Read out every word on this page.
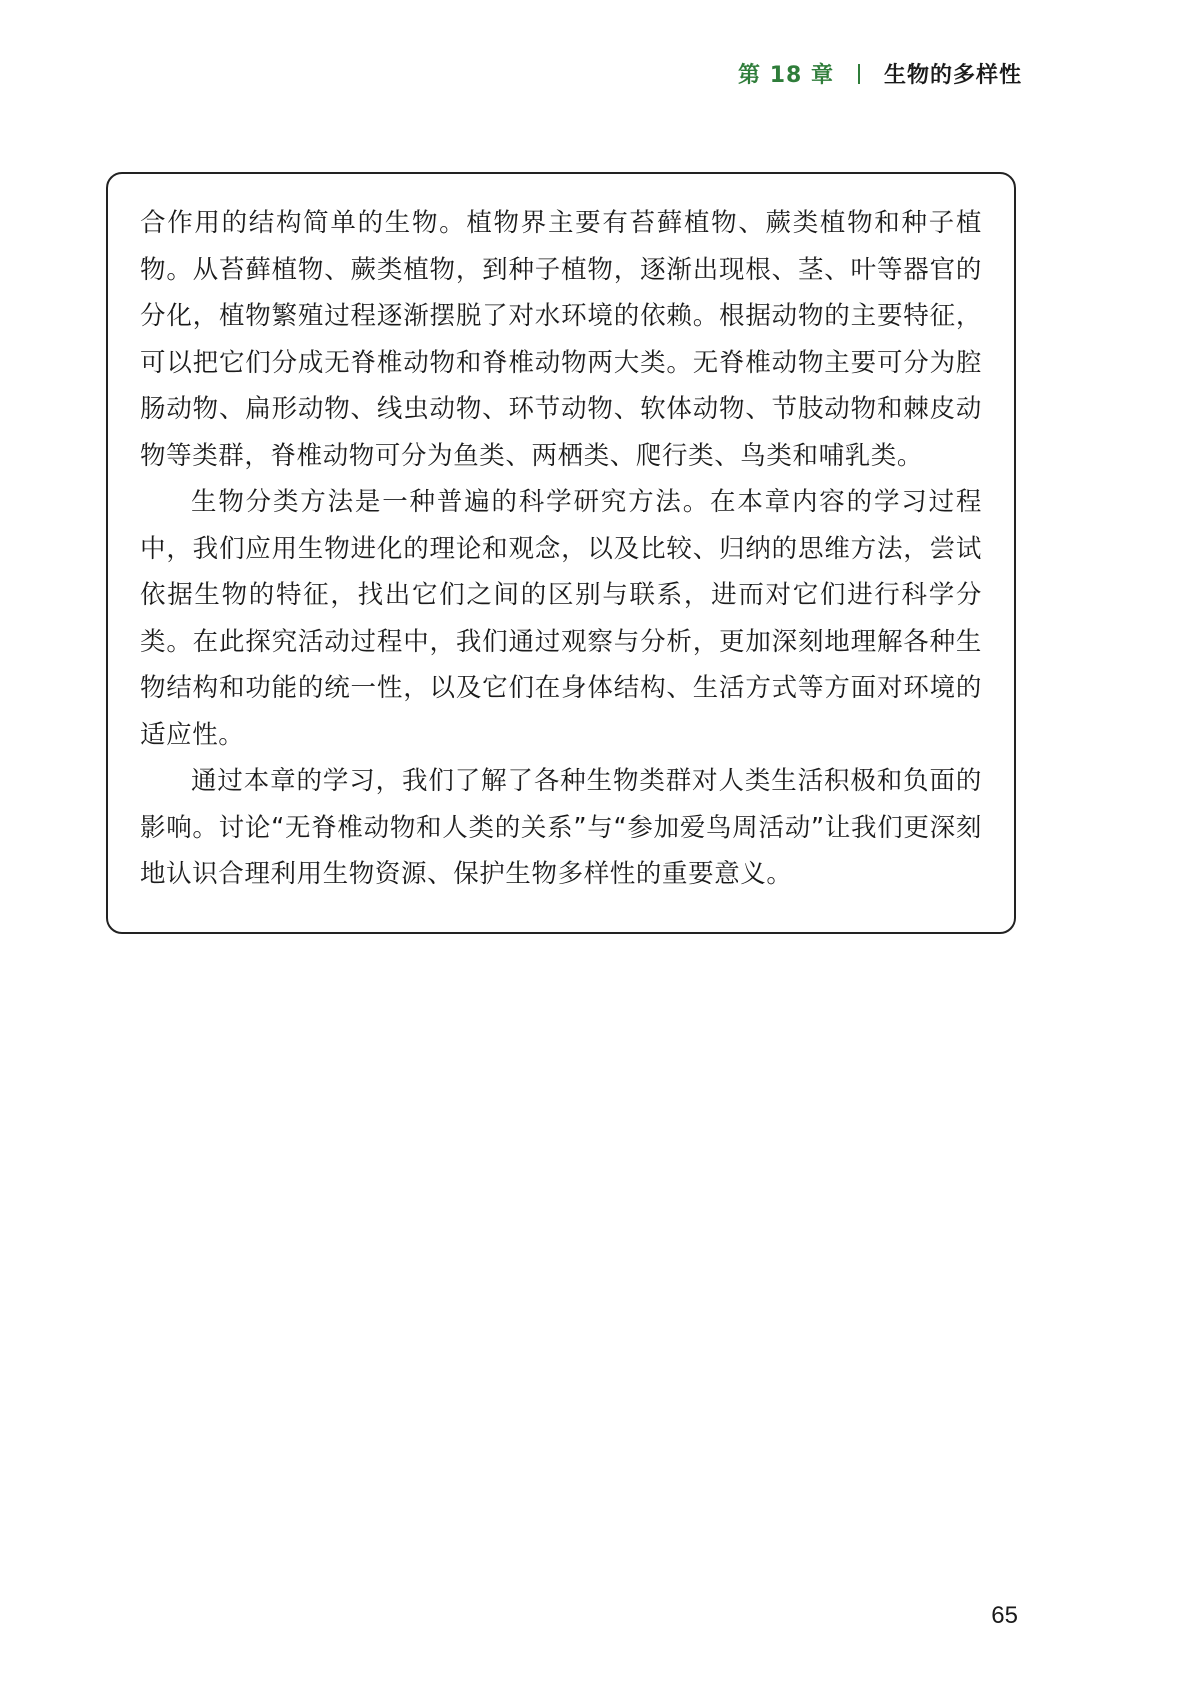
第 18 章 生物的多样性

合作用的结构简单的生物。植物界主要有苔藓植物、蕨类植物和种子植物。从苔藓植物、蕨类植物，到种子植物，逐渐出现根、茎、叶等器官的分化，植物繁殖过程逐渐摆脱了对水环境的依赖。根据动物的主要特征，可以把它们分成无脊椎动物和脊椎动物两大类。无脊椎动物主要可分为腔肠动物、扁形动物、线虫动物、环节动物、软体动物、节肢动物和棘皮动物等类群，脊椎动物可分为鱼类、两栖类、爬行类、鸟类和哺乳类。

生物分类方法是一种普遍的科学研究方法。在本章内容的学习过程中，我们应用生物进化的理论和观念，以及比较、归纳的思维方法，尝试依据生物的特征，找出它们之间的区别与联系，进而对它们进行科学分类。在此探究活动过程中，我们通过观察与分析，更加深刻地理解各种生物结构和功能的统一性，以及它们在身体结构、生活方式等方面对环境的适应性。

通过本章的学习，我们了解了各种生物类群对人类生活积极和负面的影响。讨论“无脊椎动物和人类的关系”与“参加爱鸟周活动”让我们更深刻地认识合理利用生物资源、保护生物多样性的重要意义。

65
